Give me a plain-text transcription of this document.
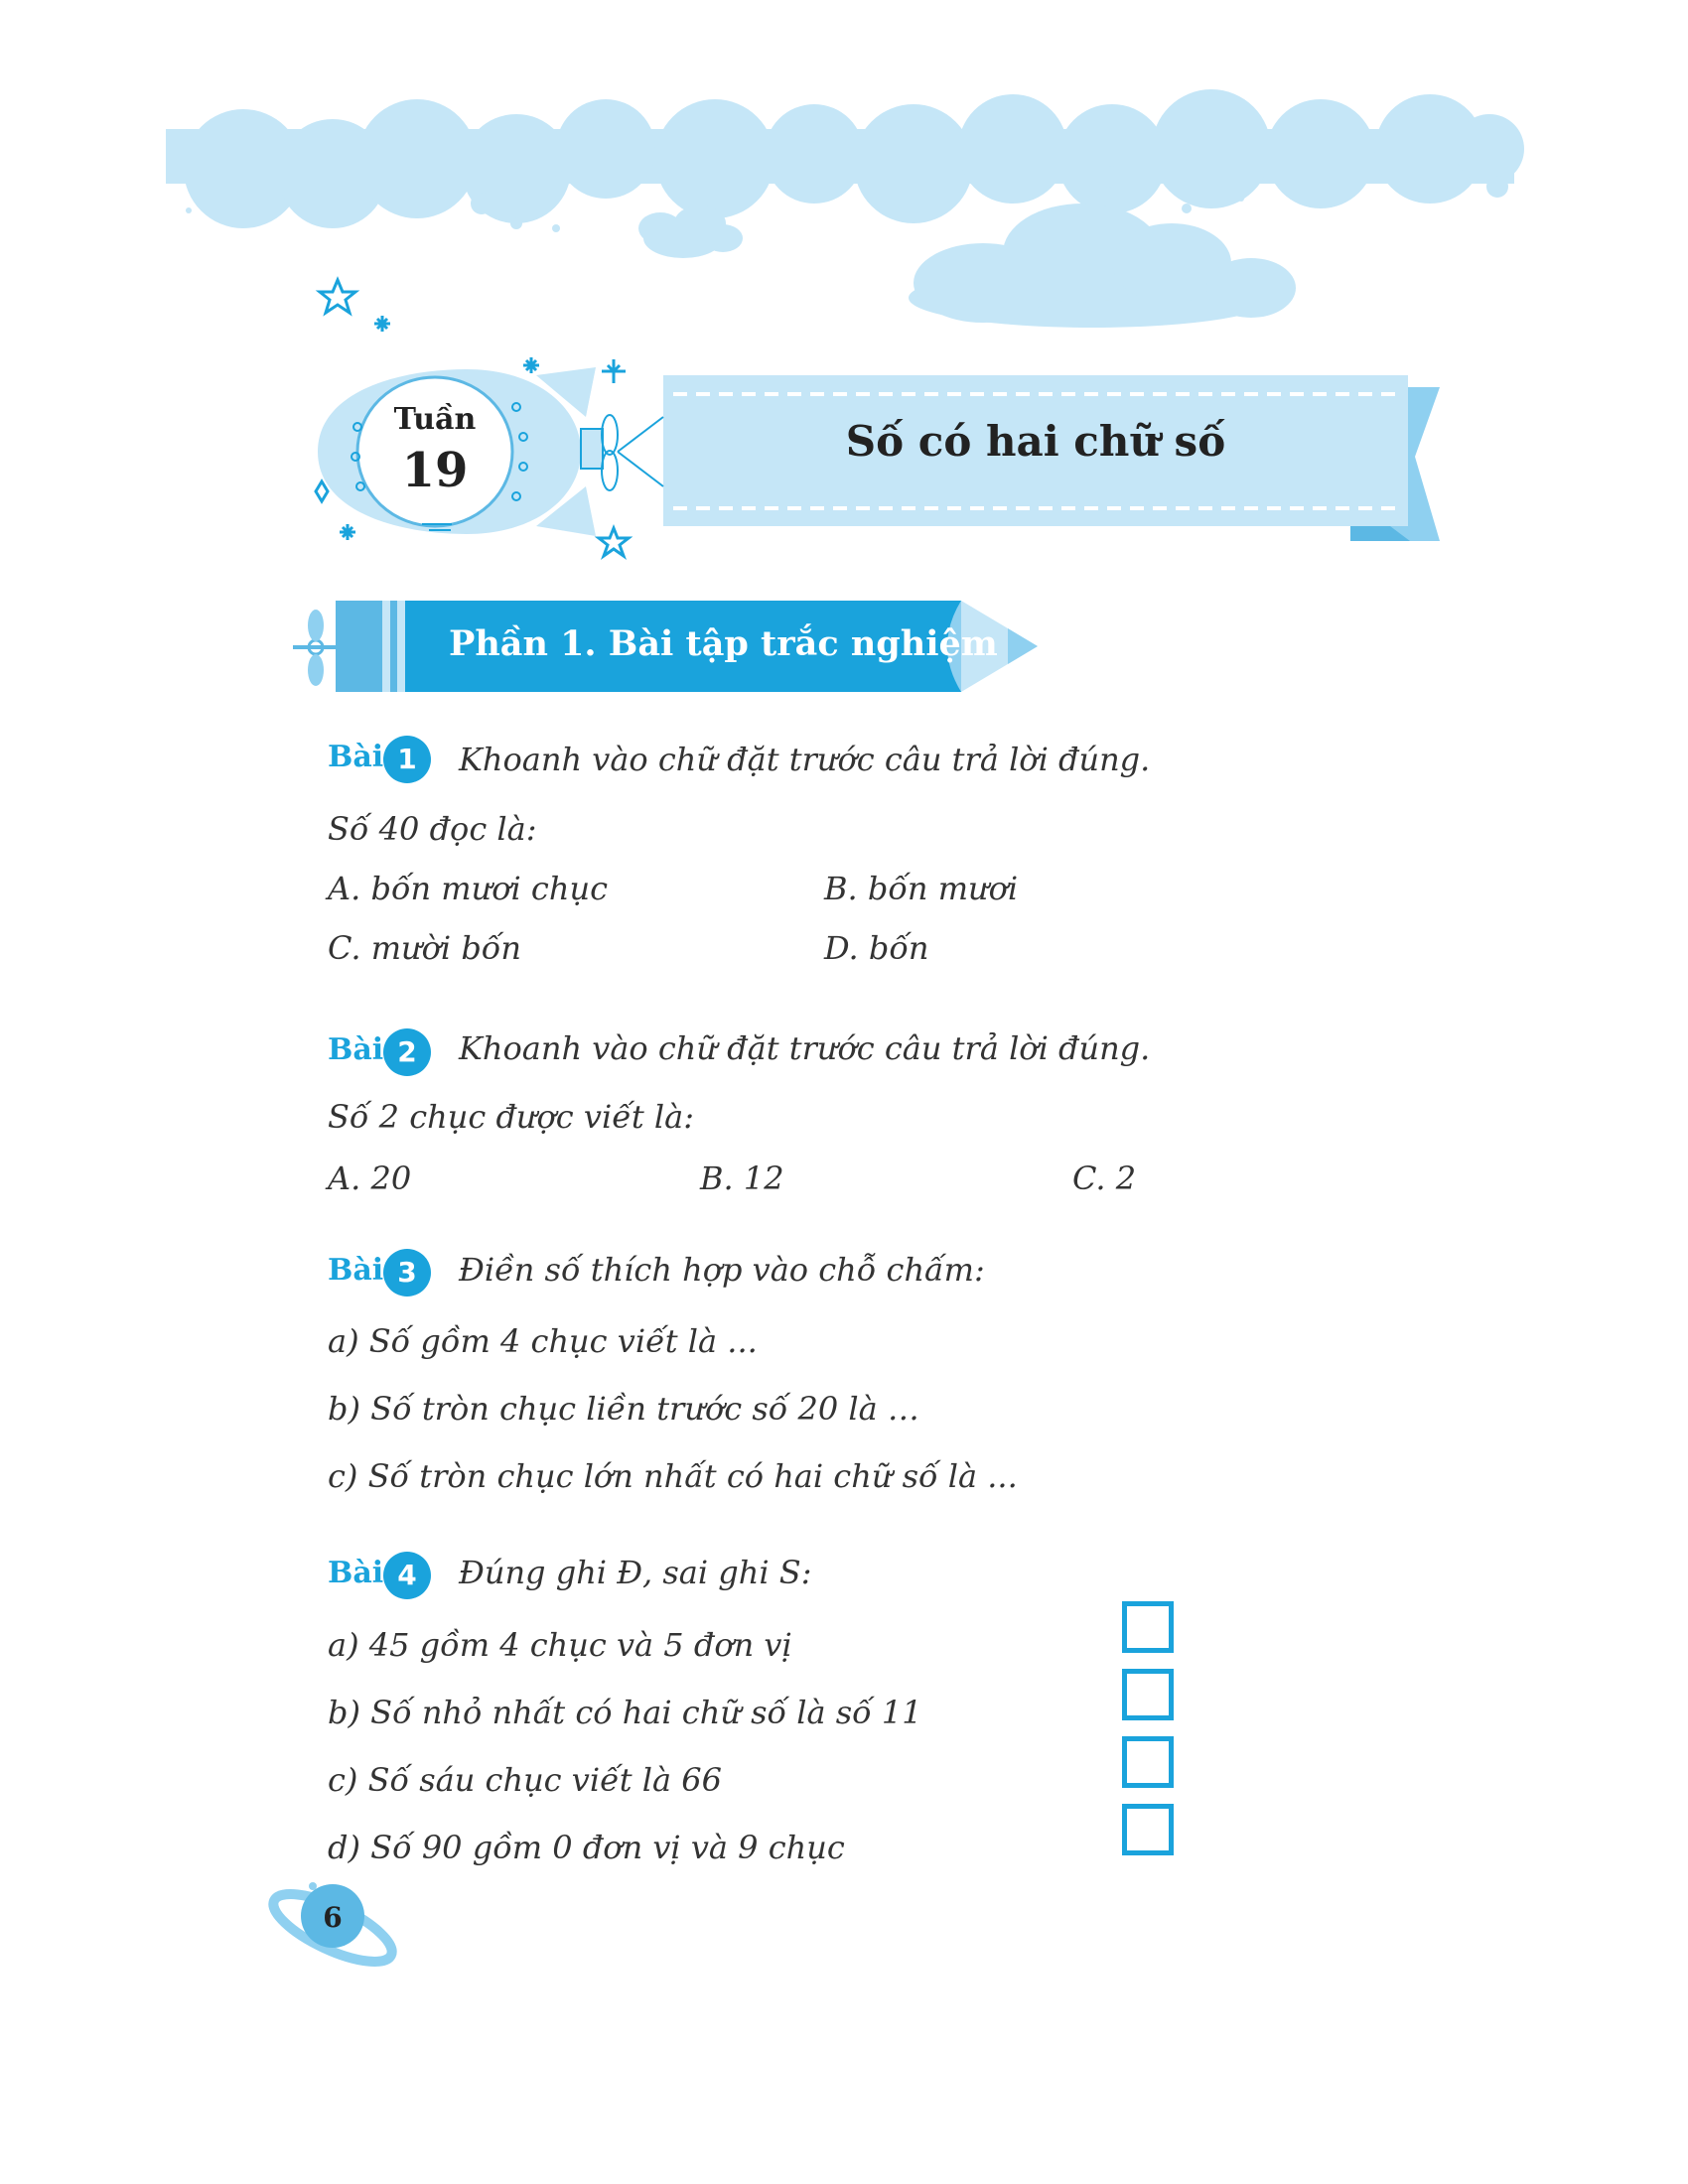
Tuần
19
Số có hai chữ số
Phần 1. Bài tập trắc nghiệm
Bài 1	Khoanh vào chữ đặt trước câu trả lời đúng.
Số 40 đọc là:
A. bốn mươi chục	B. bốn mươi
C. mười bốn	D. bốn
Bài 2	Khoanh vào chữ đặt trước câu trả lời đúng.
Số 2 chục được viết là:
A. 20	B. 12	C. 2
Bài 3	Điền số thích hợp vào chỗ chấm:
a) Số gồm 4 chục viết là ...
b) Số tròn chục liền trước số 20 là …
c) Số tròn chục lớn nhất có hai chữ số là ...
Bài 4	Đúng ghi Đ, sai ghi S:
a) 45 gồm 4 chục và 5 đơn vị
b) Số nhỏ nhất có hai chữ số là số 11
c) Số sáu chục viết là 66
d) Số 90 gồm 0 đơn vị và 9 chục
6
